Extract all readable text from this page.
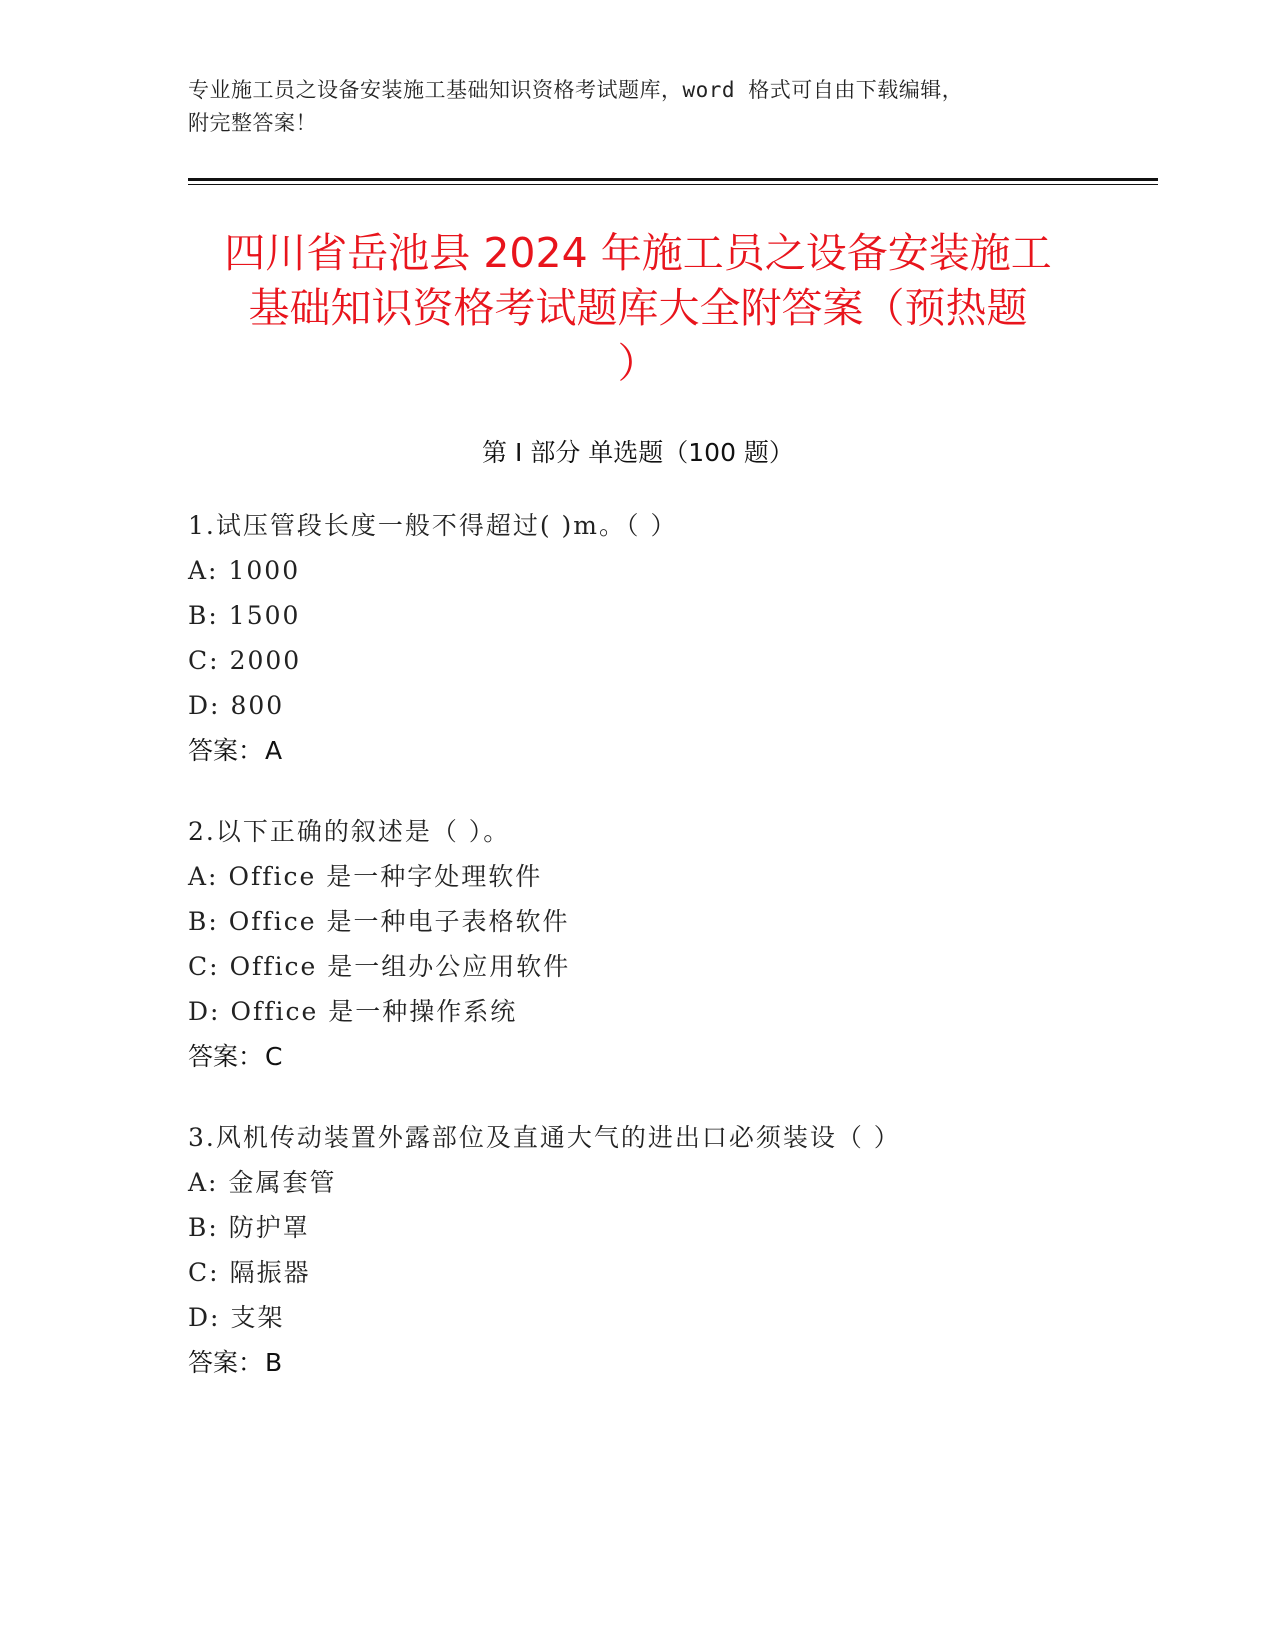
专业施工员之设备安装施工基础知识资格考试题库，word 格式可自由下载编辑，
附完整答案！
四川省岳池县 2024 年施工员之设备安装施工
基础知识资格考试题库大全附答案（预热题
）
第 I 部分 单选题（100 题）
1.试压管段长度一般不得超过( )m。（ ）
A: 1000
B: 1500
C: 2000
D: 800
答案：A
2.以下正确的叙述是（ ）。
A: Office 是一种字处理软件
B: Office 是一种电子表格软件
C: Office 是一组办公应用软件
D: Office 是一种操作系统
答案：C
3.风机传动装置外露部位及直通大气的进出口必须装设（ ）
A: 金属套管
B: 防护罩
C: 隔振器
D: 支架
答案：B
